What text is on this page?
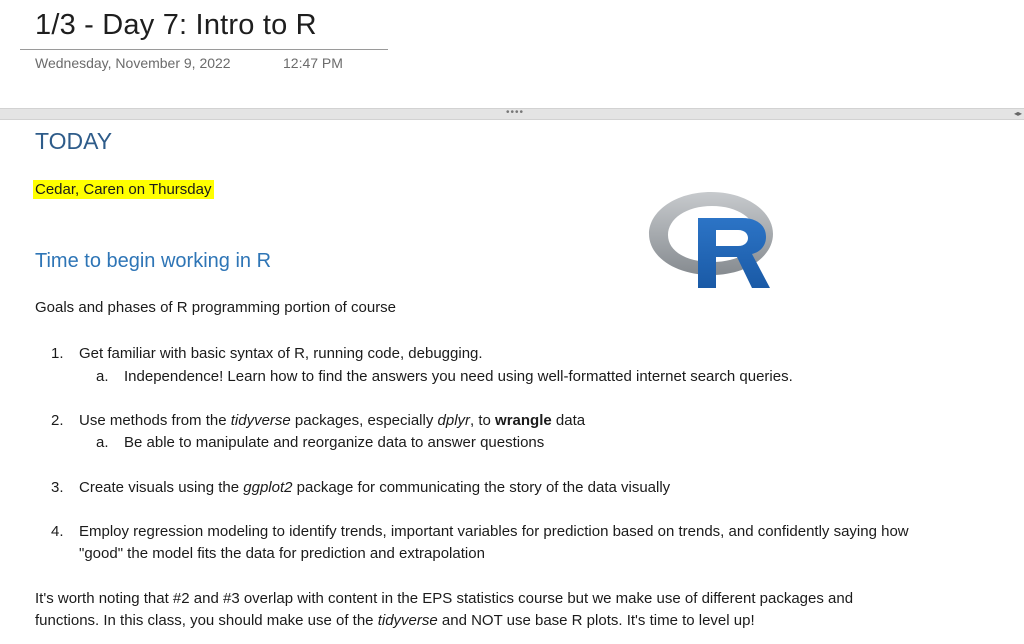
1/3 - Day 7: Intro to R
Wednesday, November 9, 2022	12:47 PM
••••	◂▸
TODAY
Cedar, Caren on Thursday
Time to begin working in R
Goals and phases of R programming portion of course
1. Get familiar with basic syntax of R, running code, debugging.
a. Independence! Learn how to find the answers you need using well-formatted internet search queries.
2. Use methods from the tidyverse packages, especially dplyr, to wrangle data
a. Be able to manipulate and reorganize data to answer questions
3. Create visuals using the ggplot2 package for communicating the story of the data visually
4. Employ regression modeling to identify trends, important variables for prediction based on trends, and confidently saying how
"good" the model fits the data for prediction and extrapolation
It's worth noting that #2 and #3 overlap with content in the EPS statistics course but we make use of different packages and
functions. In this class, you should make use of the tidyverse and NOT use base R plots. It's time to level up!
